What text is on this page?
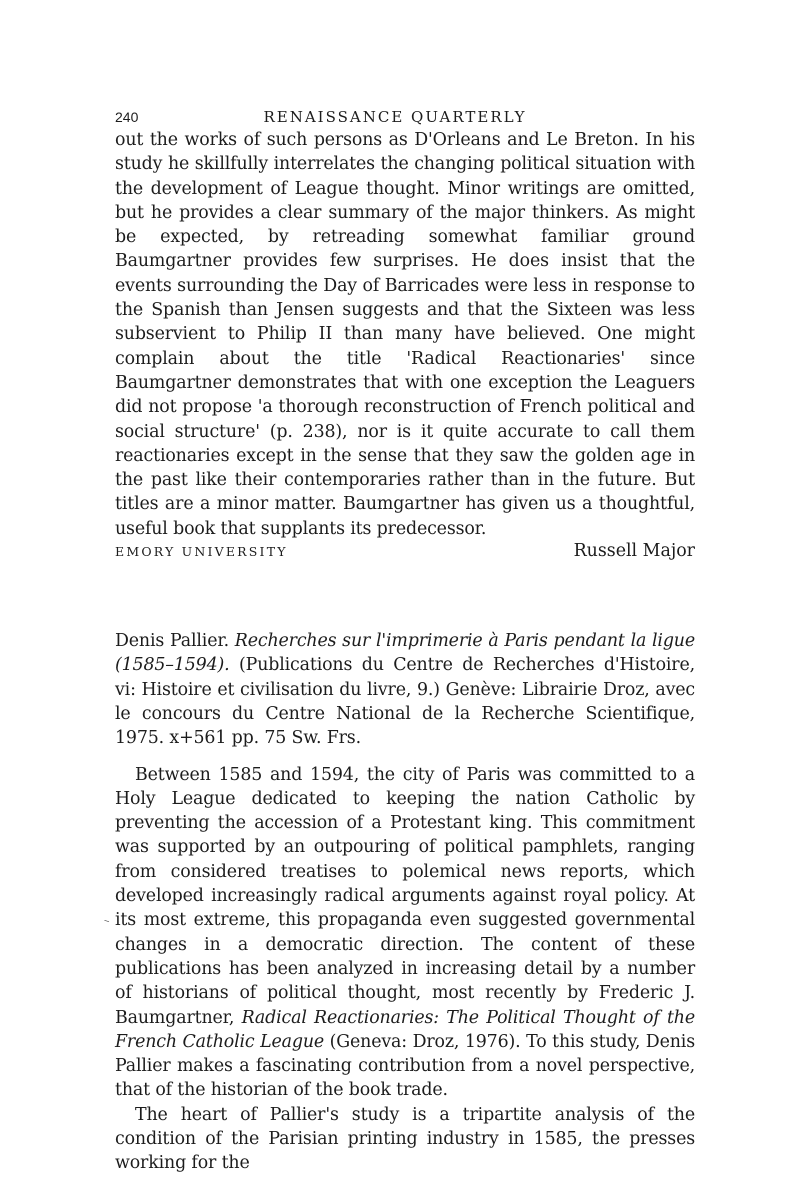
240	RENAISSANCE QUARTERLY

out the works of such persons as D'Orleans and Le Breton. In his study he skillfully interrelates the changing political situation with the development of League thought. Minor writings are omitted, but he provides a clear summary of the major thinkers. As might be expected, by retreading somewhat familiar ground Baumgartner provides few surprises. He does insist that the events surrounding the Day of Barricades were less in response to the Spanish than Jensen suggests and that the Sixteen was less subservient to Philip II than many have believed. One might complain about the title 'Radical Reactionaries' since Baumgartner demonstrates that with one exception the Leaguers did not propose 'a thorough reconstruction of French political and social structure' (p. 238), nor is it quite accurate to call them reactionaries except in the sense that they saw the golden age in the past like their contemporaries rather than in the future. But titles are a minor matter. Baumgartner has given us a thoughtful, useful book that supplants its predecessor.

EMORY UNIVERSITY	Russell Major

Denis Pallier. Recherches sur l'imprimerie à Paris pendant la ligue (1585–1594). (Publications du Centre de Recherches d'Histoire, vi: Histoire et civilisation du livre, 9.) Genève: Librairie Droz, avec le concours du Centre National de la Recherche Scientifique, 1975. x+561 pp. 75 Sw. Frs.

Between 1585 and 1594, the city of Paris was committed to a Holy League dedicated to keeping the nation Catholic by preventing the accession of a Protestant king. This commitment was supported by an outpouring of political pamphlets, ranging from considered treatises to polemical news reports, which developed increasingly radical arguments against royal policy. At its most extreme, this propaganda even suggested governmental changes in a democratic direction. The content of these publications has been analyzed in increasing detail by a number of historians of political thought, most recently by Frederic J. Baumgartner, Radical Reactionaries: The Political Thought of the French Catholic League (Geneva: Droz, 1976). To this study, Denis Pallier makes a fascinating contribution from a novel perspective, that of the historian of the book trade.

The heart of Pallier's study is a tripartite analysis of the condition of the Parisian printing industry in 1585, the presses working for the

⁻
